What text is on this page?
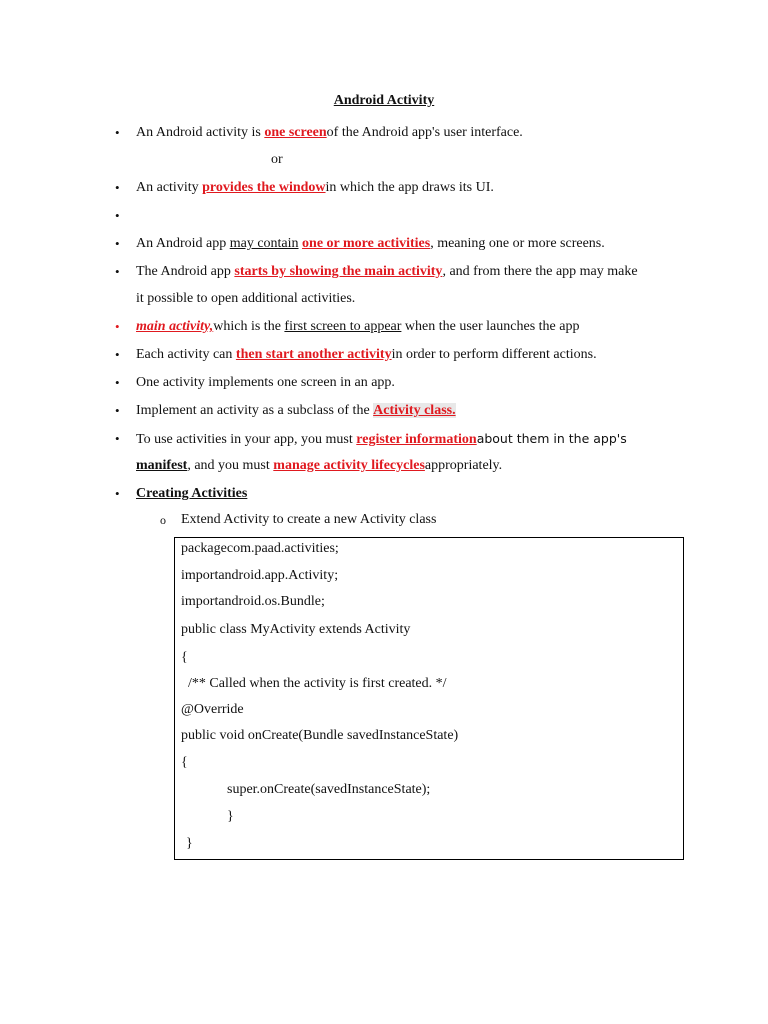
Android Activity
• An Android activity is one screenof the Android app's user interface.
or
• An activity provides the windowin which the app draws its UI.
•
• An Android app may contain one or more activities, meaning one or more screens.
• The Android app starts by showing the main activity, and from there the app may make
it possible to open additional activities.
• main activity,which is the first screen to appear when the user launches the app
• Each activity can then start another activityin order to perform different actions.
• One activity implements one screen in an app.
• Implement an activity as a subclass of the Activity class.
• To use activities in your app, you must register informationabout them in the app's
manifest, and you must manage activity lifecyclesappropriately.
• Creating Activities
o Extend Activity to create a new Activity class
packagecom.paad.activities;
importandroid.app.Activity;
importandroid.os.Bundle;
public class MyActivity extends Activity
{
/** Called when the activity is first created. */
@Override
public void onCreate(Bundle savedInstanceState)
{
super.onCreate(savedInstanceState);
}
}
